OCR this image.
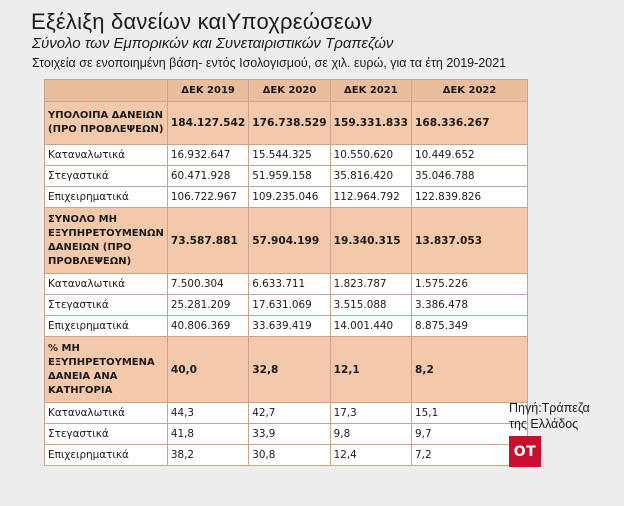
Εξέλιξη δανείων καιΥποχρεώσεων
Σύνολο των Εμπορικών και Συνεταιριστικών Τραπεζών
Στοιχεία σε ενοποιημένη βάση- εντός Ισολογισμού, σε χιλ. ευρώ, για τα έτη 2019-2021
	ΔΕΚ 2019	ΔΕΚ 2020	ΔΕΚ 2021	ΔΕΚ 2022
ΥΠΟΛΟΙΠΑ ΔΑΝΕΙΩΝ (ΠΡΟ ΠΡΟΒΛΕΨΕΩΝ)	184.127.542	176.738.529	159.331.833	168.336.267
Καταναλωτικά	16.932.647	15.544.325	10.550.620	10.449.652
Στεγαστικά	60.471.928	51.959.158	35.816.420	35.046.788
Επιχειρηματικά	106.722.967	109.235.046	112.964.792	122.839.826
ΣΥΝΟΛΟ ΜΗ ΕΞΥΠΗΡΕΤΟΥΜΕΝΩΝ ΔΑΝΕΙΩΝ (ΠΡΟ ΠΡΟΒΛΕΨΕΩΝ)	73.587.881	57.904.199	19.340.315	13.837.053
Καταναλωτικά	7.500.304	6.633.711	1.823.787	1.575.226
Στεγαστικά	25.281.209	17.631.069	3.515.088	3.386.478
Επιχειρηματικά	40.806.369	33.639.419	14.001.440	8.875.349
% ΜΗ ΕΞΥΠΗΡΕΤΟΥΜΕΝΑ ΔΑΝΕΙΑ ΑΝΑ ΚΑΤΗΓΟΡΙΑ	40,0	32,8	12,1	8,2
Καταναλωτικά	44,3	42,7	17,3	15,1
Στεγαστικά	41,8	33,9	9,8	9,7
Επιχειρηματικά	38,2	30,8	12,4	7,2
Πηγή:Τράπεζα της Ελλάδος
ΟΤ
